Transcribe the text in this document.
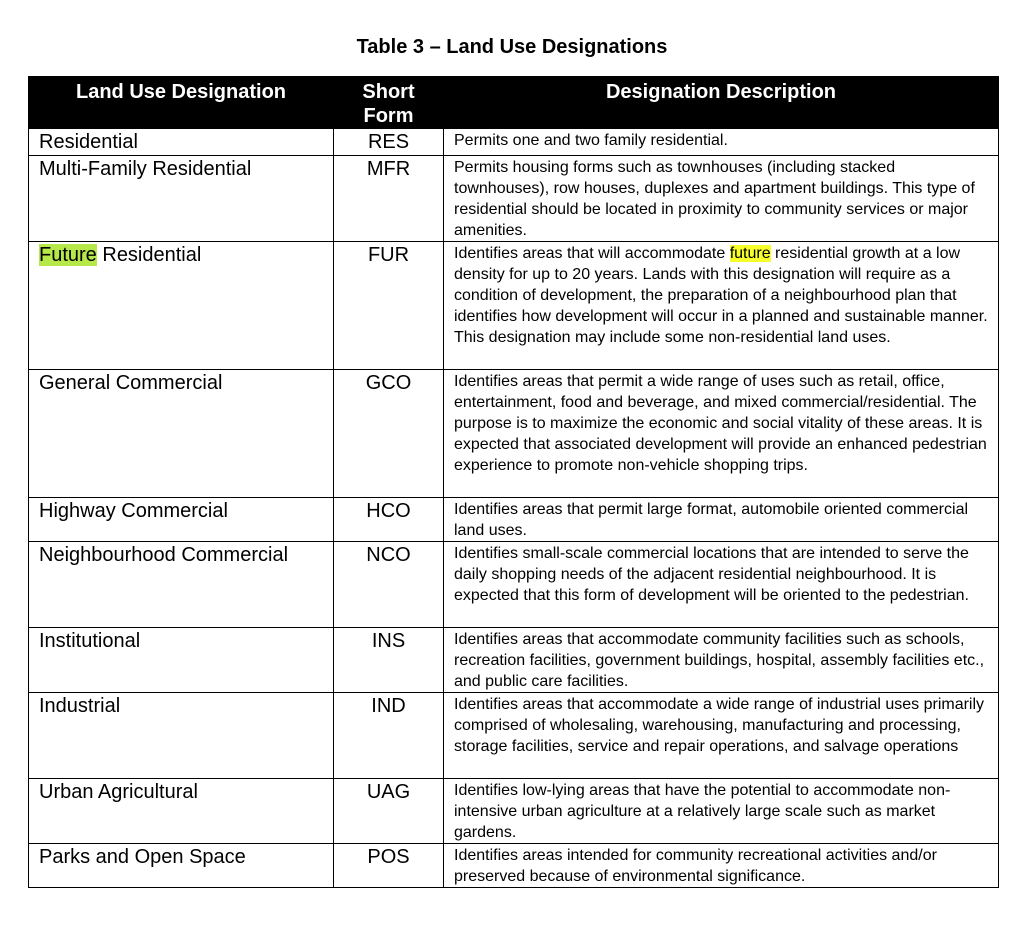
Table 3 – Land Use Designations
Land Use Designation	Short Form	Designation Description
Residential	RES	Permits one and two family residential.
Multi-Family Residential	MFR	Permits housing forms such as townhouses (including stacked townhouses), row houses, duplexes and apartment buildings. This type of residential should be located in proximity to community services or major amenities.
Future Residential	FUR	Identifies areas that will accommodate future residential growth at a low density for up to 20 years. Lands with this designation will require as a condition of development, the preparation of a neighbourhood plan that identifies how development will occur in a planned and sustainable manner. This designation may include some non-residential land uses.
General Commercial	GCO	Identifies areas that permit a wide range of uses such as retail, office, entertainment, food and beverage, and mixed commercial/residential. The purpose is to maximize the economic and social vitality of these areas. It is expected that associated development will provide an enhanced pedestrian experience to promote non-vehicle shopping trips.
Highway Commercial	HCO	Identifies areas that permit large format, automobile oriented commercial land uses.
Neighbourhood Commercial	NCO	Identifies small-scale commercial locations that are intended to serve the daily shopping needs of the adjacent residential neighbourhood. It is expected that this form of development will be oriented to the pedestrian.
Institutional	INS	Identifies areas that accommodate community facilities such as schools, recreation facilities, government buildings, hospital, assembly facilities etc., and public care facilities.
Industrial	IND	Identifies areas that accommodate a wide range of industrial uses primarily comprised of wholesaling, warehousing, manufacturing and processing, storage facilities, service and repair operations, and salvage operations
Urban Agricultural	UAG	Identifies low-lying areas that have the potential to accommodate non-intensive urban agriculture at a relatively large scale such as market gardens.
Parks and Open Space	POS	Identifies areas intended for community recreational activities and/or preserved because of environmental significance.
